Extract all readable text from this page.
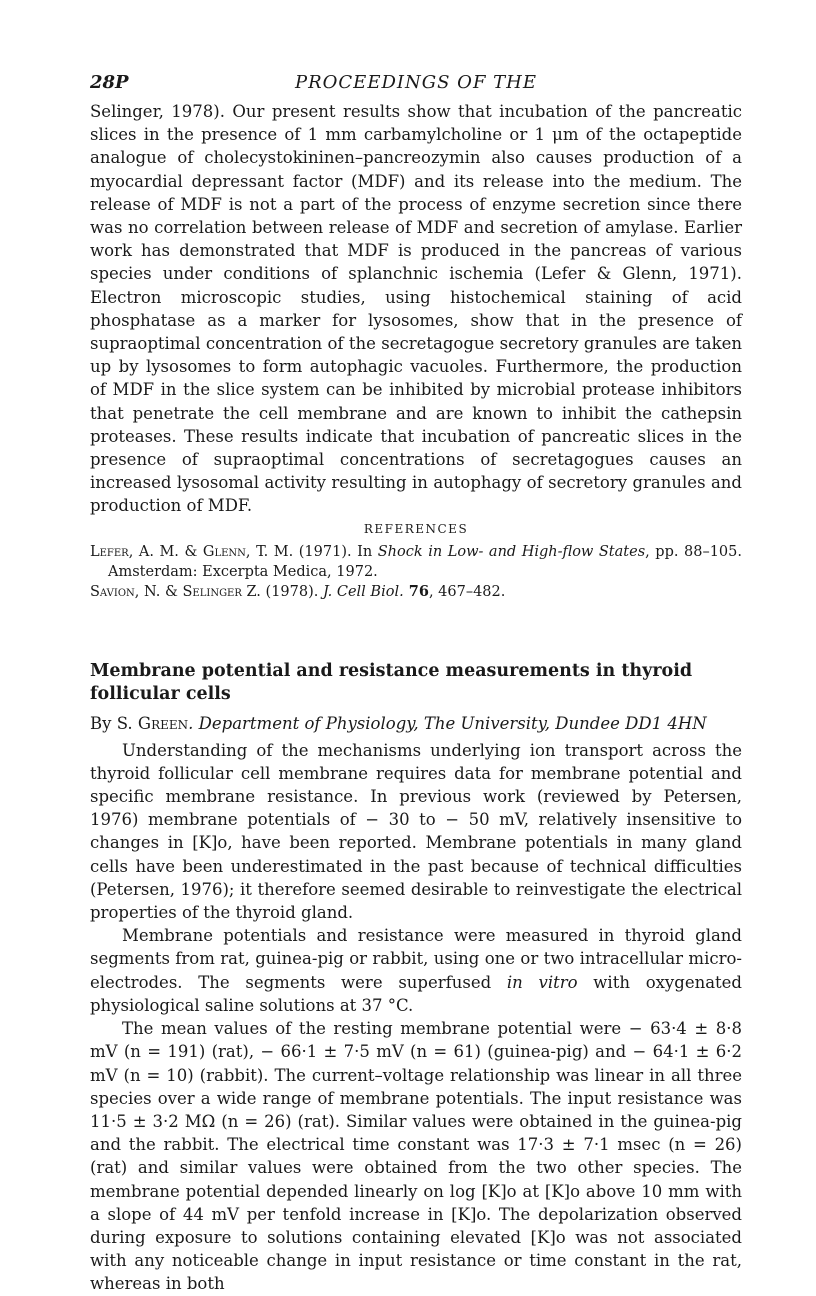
28P	PROCEEDINGS OF THE

Selinger, 1978). Our present results show that incubation of the pancreatic slices in the presence of 1 mm carbamylcholine or 1 μm of the octapeptide analogue of cholecystokininen–pancreozymin also causes production of a myocardial depressant factor (MDF) and its release into the medium. The release of MDF is not a part of the process of enzyme secretion since there was no correlation between release of MDF and secretion of amylase. Earlier work has demonstrated that MDF is produced in the pancreas of various species under conditions of splanchnic ischemia (Lefer & Glenn, 1971). Electron microscopic studies, using histochemical staining of acid phosphatase as a marker for lysosomes, show that in the presence of supraoptimal concentration of the secretagogue secretory granules are taken up by lysosomes to form autophagic vacuoles. Furthermore, the production of MDF in the slice system can be inhibited by microbial protease inhibitors that penetrate the cell membrane and are known to inhibit the cathepsin proteases. These results indicate that incubation of pancreatic slices in the presence of supraoptimal concentrations of secretagogues causes an increased lysosomal activity resulting in autophagy of secretory granules and production of MDF.

REFERENCES

Lefer, A. M. & Glenn, T. M. (1971). In Shock in Low- and High-flow States, pp. 88–105. Amsterdam: Excerpta Medica, 1972.

Savion, N. & Selinger Z. (1978). J. Cell Biol. 76, 467–482.

Membrane potential and resistance measurements in thyroid follicular cells
By S. Green. Department of Physiology, The University, Dundee DD1 4HN

Understanding of the mechanisms underlying ion transport across the thyroid follicular cell membrane requires data for membrane potential and specific membrane resistance. In previous work (reviewed by Petersen, 1976) membrane potentials of − 30 to − 50 mV, relatively insensitive to changes in [K]o, have been reported. Membrane potentials in many gland cells have been underestimated in the past because of technical difficulties (Petersen, 1976); it therefore seemed desirable to reinvestigate the electrical properties of the thyroid gland.

Membrane potentials and resistance were measured in thyroid gland segments from rat, guinea-pig or rabbit, using one or two intracellular micro-electrodes. The segments were superfused in vitro with oxygenated physiological saline solutions at 37 °C.

The mean values of the resting membrane potential were − 63·4 ± 8·8 mV (n = 191) (rat), − 66·1 ± 7·5 mV (n = 61) (guinea-pig) and − 64·1 ± 6·2 mV (n = 10) (rabbit). The current–voltage relationship was linear in all three species over a wide range of membrane potentials. The input resistance was 11·5 ± 3·2 MΩ (n = 26) (rat). Similar values were obtained in the guinea-pig and the rabbit. The electrical time constant was 17·3 ± 7·1 msec (n = 26) (rat) and similar values were obtained from the two other species. The membrane potential depended linearly on log [K]o at [K]o above 10 mm with a slope of 44 mV per tenfold increase in [K]o. The depolarization observed during exposure to solutions containing elevated [K]o was not associated with any noticeable change in input resistance or time constant in the rat, whereas in both
